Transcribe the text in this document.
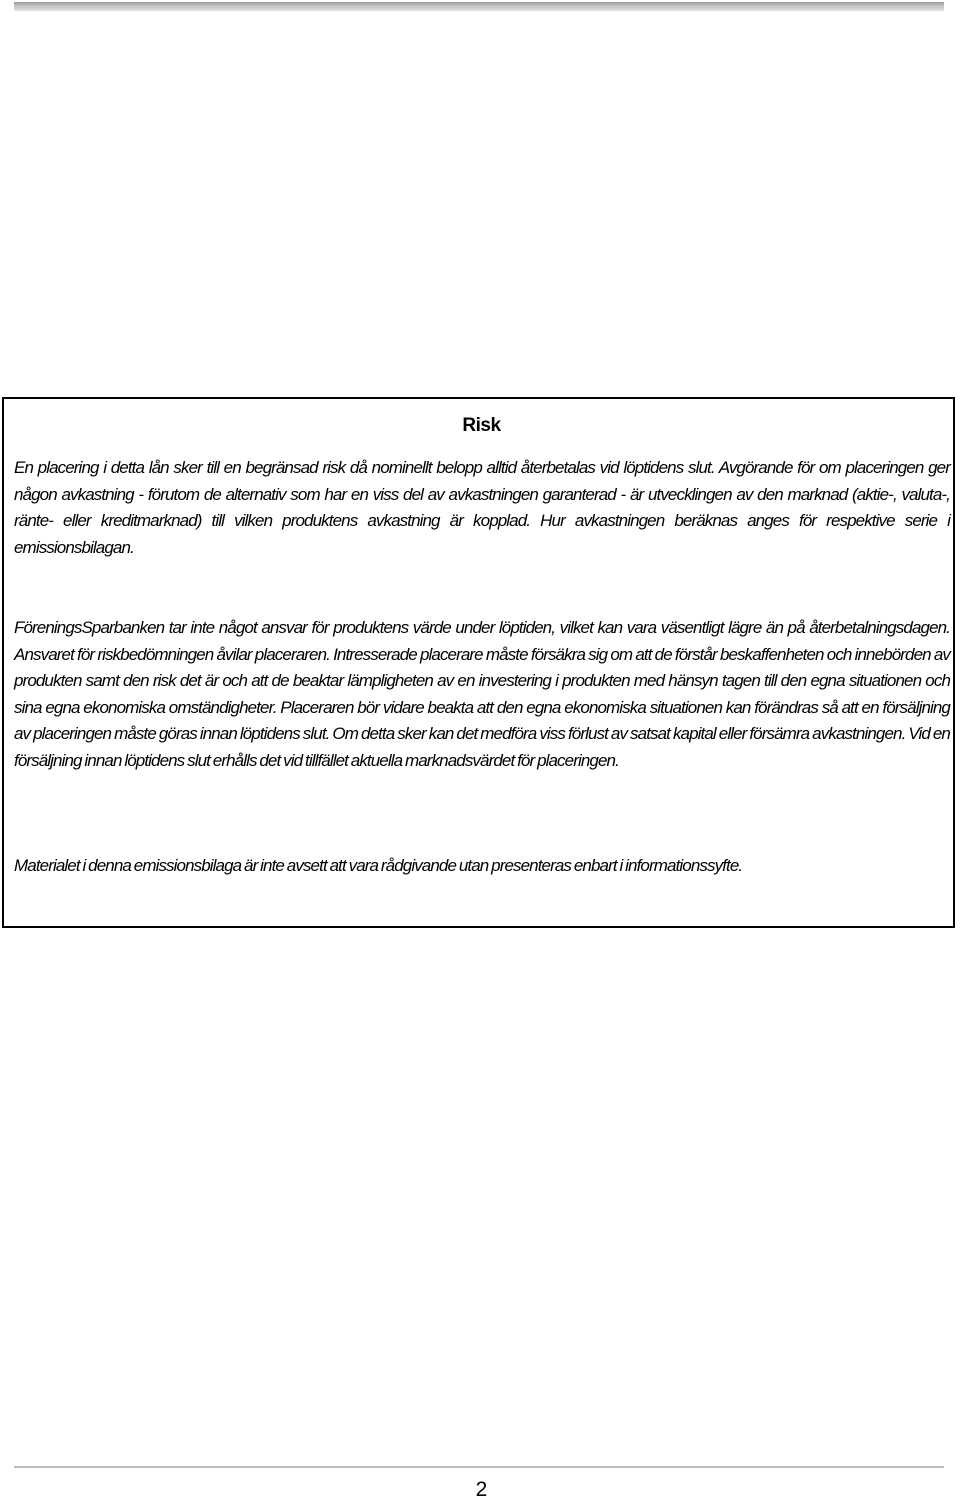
Risk

En placering i detta lån sker till en begränsad risk då nominellt belopp alltid återbetalas vid löptidens slut. Avgörande för om placeringen ger någon avkastning - förutom de alternativ som har en viss del av avkastningen garanterad - är utvecklingen av den marknad (aktie-, valuta-, ränte- eller kreditmarknad) till vilken produktens avkastning är kopplad. Hur avkastningen beräknas anges för respektive serie i emissionsbilagan.

FöreningsSparbanken tar inte något ansvar för produktens värde under löptiden, vilket kan vara väsentligt lägre än på återbetalningsdagen. Ansvaret för riskbedömningen åvilar placeraren. Intresserade placerare måste försäkra sig om att de förstår beskaffenheten och innebörden av produkten samt den risk det är och att de beaktar lämpligheten av en investering i produkten med hänsyn tagen till den egna situationen och sina egna ekonomiska omständigheter. Placeraren bör vidare beakta att den egna ekonomiska situationen kan förändras så att en försäljning av placeringen måste göras innan löptidens slut. Om detta sker kan det medföra viss förlust av satsat kapital eller försämra avkastningen. Vid en försäljning innan löptidens slut erhålls det vid tillfället aktuella marknadsvärdet för placeringen.

Materialet i denna emissionsbilaga är inte avsett att vara rådgivande utan presenteras enbart i informationssyfte.

2
